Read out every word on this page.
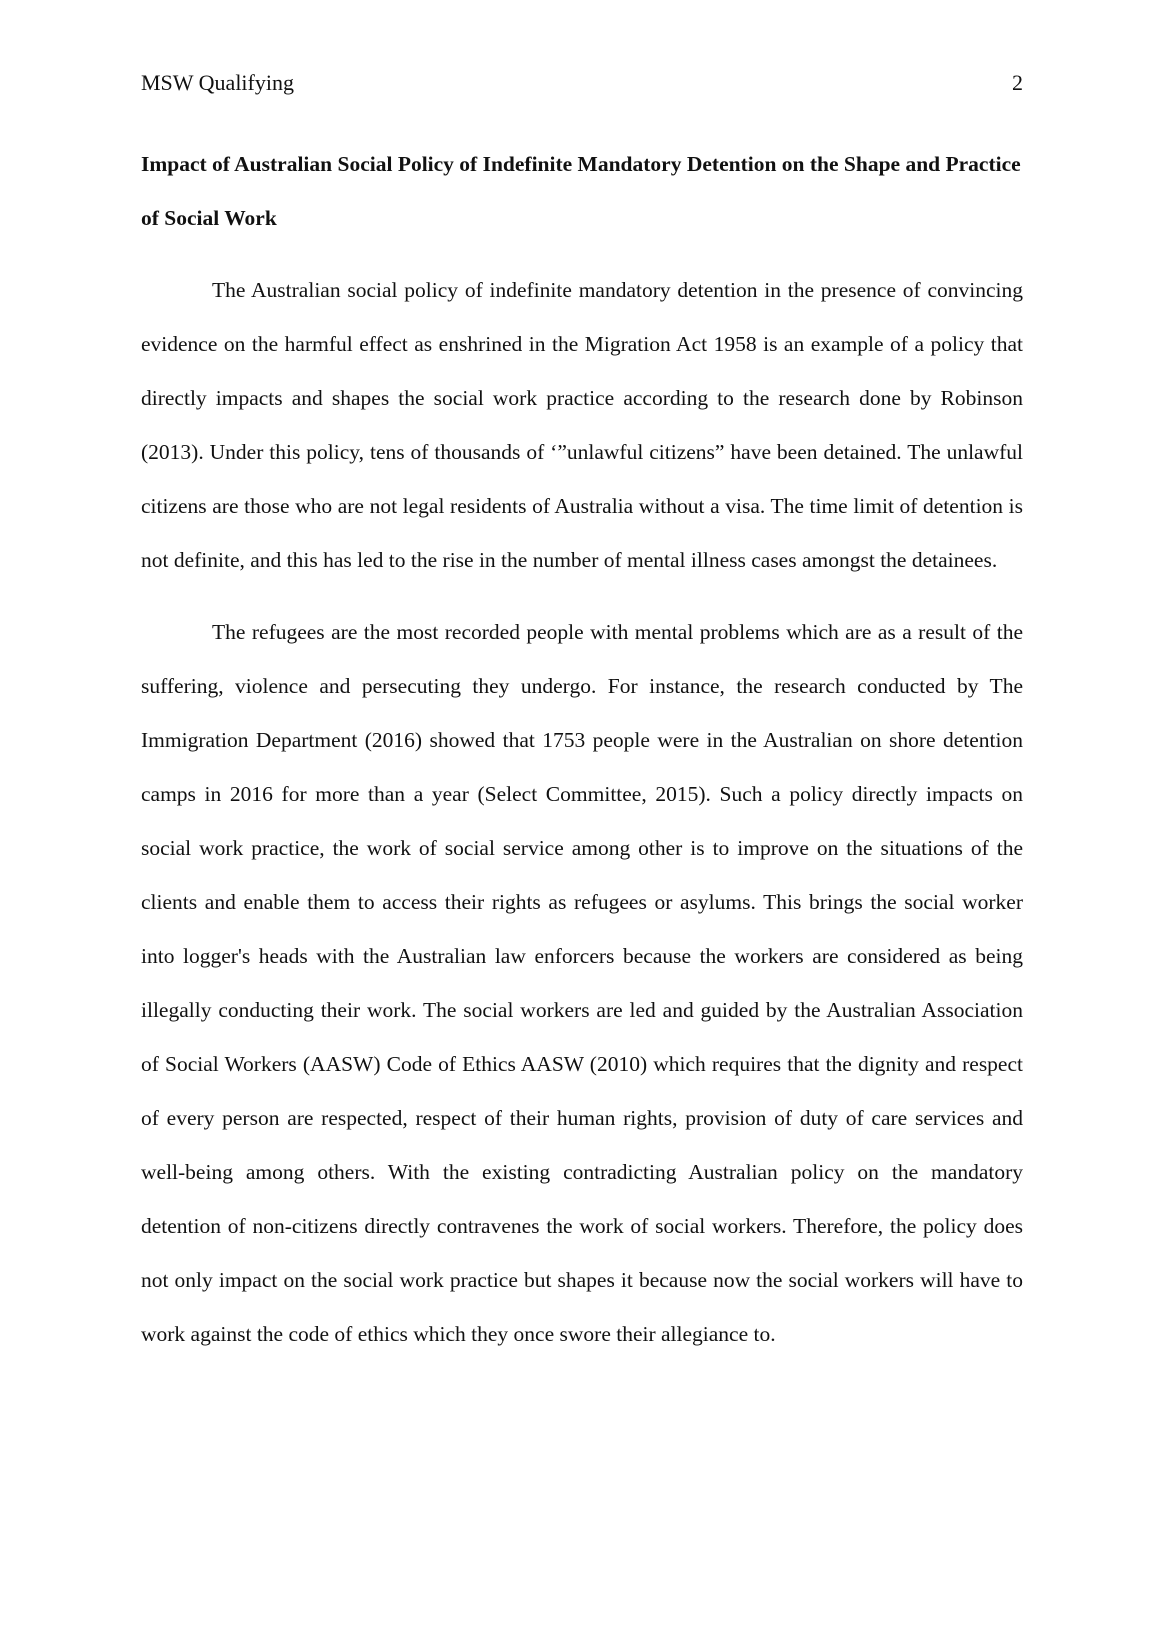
MSW Qualifying	2
Impact of Australian Social Policy of Indefinite Mandatory Detention on the Shape and Practice of Social Work

The Australian social policy of indefinite mandatory detention in the presence of convincing evidence on the harmful effect as enshrined in the Migration Act 1958 is an example of a policy that directly impacts and shapes the social work practice according to the research done by Robinson (2013). Under this policy, tens of thousands of ‘”unlawful citizens” have been detained. The unlawful citizens are those who are not legal residents of Australia without a visa. The time limit of detention is not definite, and this has led to the rise in the number of mental illness cases amongst the detainees.

The refugees are the most recorded people with mental problems which are as a result of the suffering, violence and persecuting they undergo. For instance, the research conducted by The Immigration Department (2016) showed that 1753 people were in the Australian on shore detention camps in 2016 for more than a year (Select Committee, 2015). Such a policy directly impacts on social work practice, the work of social service among other is to improve on the situations of the clients and enable them to access their rights as refugees or asylums. This brings the social worker into logger's heads with the Australian law enforcers because the workers are considered as being illegally conducting their work. The social workers are led and guided by the Australian Association of Social Workers (AASW) Code of Ethics AASW (2010) which requires that the dignity and respect of every person are respected, respect of their human rights, provision of duty of care services and well-being among others. With the existing contradicting Australian policy on the mandatory detention of non-citizens directly contravenes the work of social workers. Therefore, the policy does not only impact on the social work practice but shapes it because now the social workers will have to work against the code of ethics which they once swore their allegiance to.
